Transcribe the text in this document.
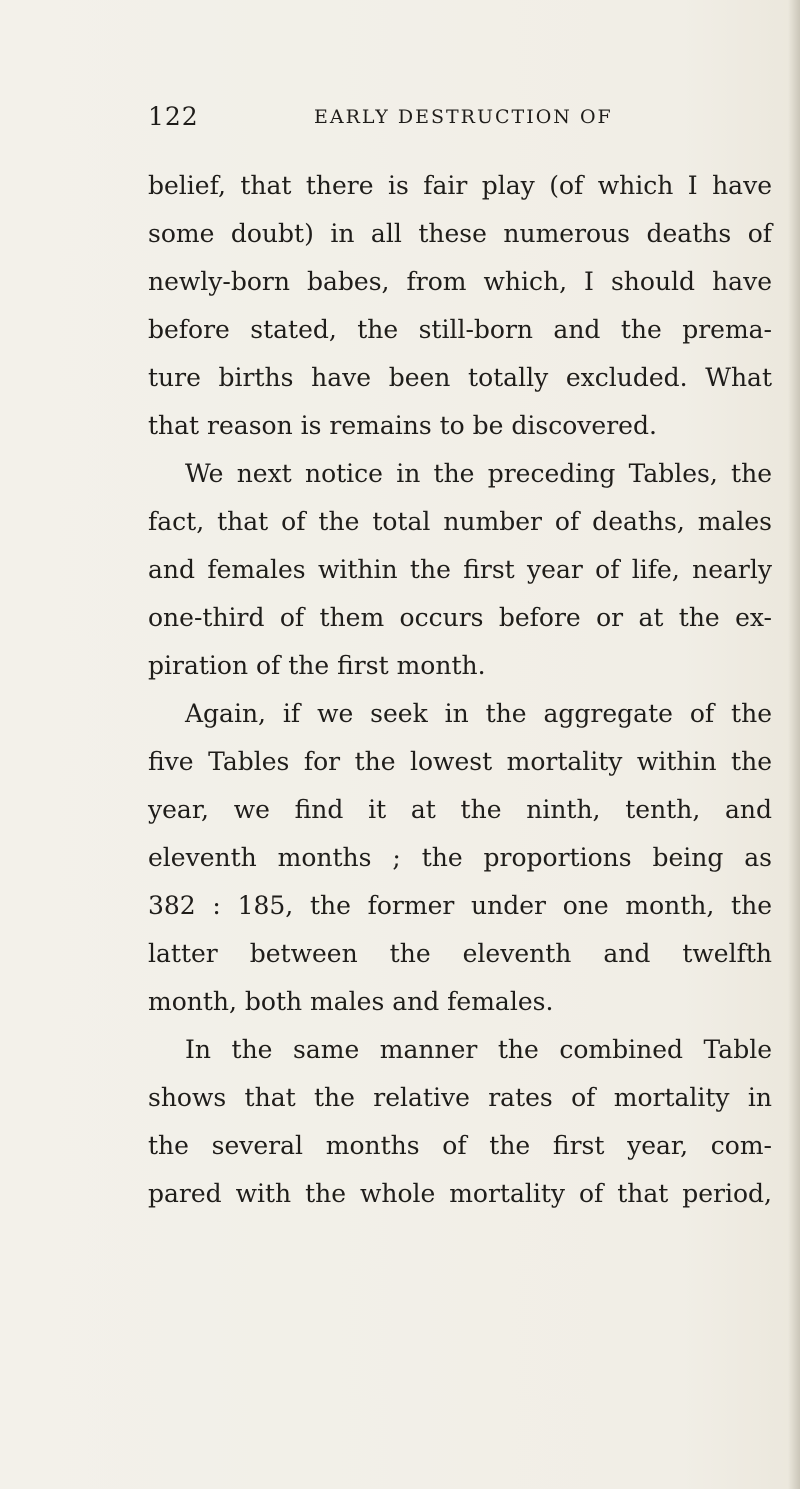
122	EARLY DESTRUCTION OF
belief, that there is fair play (of which I have
some doubt) in all these numerous deaths of
newly-born babes, from which, I should have
before stated, the still-born and the prema-
ture births have been totally excluded. What
that reason is remains to be discovered.
We next notice in the preceding Tables, the
fact, that of the total number of deaths, males
and females within the first year of life, nearly
one-third of them occurs before or at the ex-
piration of the first month.
Again, if we seek in the aggregate of the
five Tables for the lowest mortality within the
year, we find it at the ninth, tenth, and
eleventh months ; the proportions being as
382 : 185, the former under one month, the
latter between the eleventh and twelfth
month, both males and females.
In the same manner the combined Table
shows that the relative rates of mortality in
the several months of the first year, com-
pared with the whole mortality of that period,
